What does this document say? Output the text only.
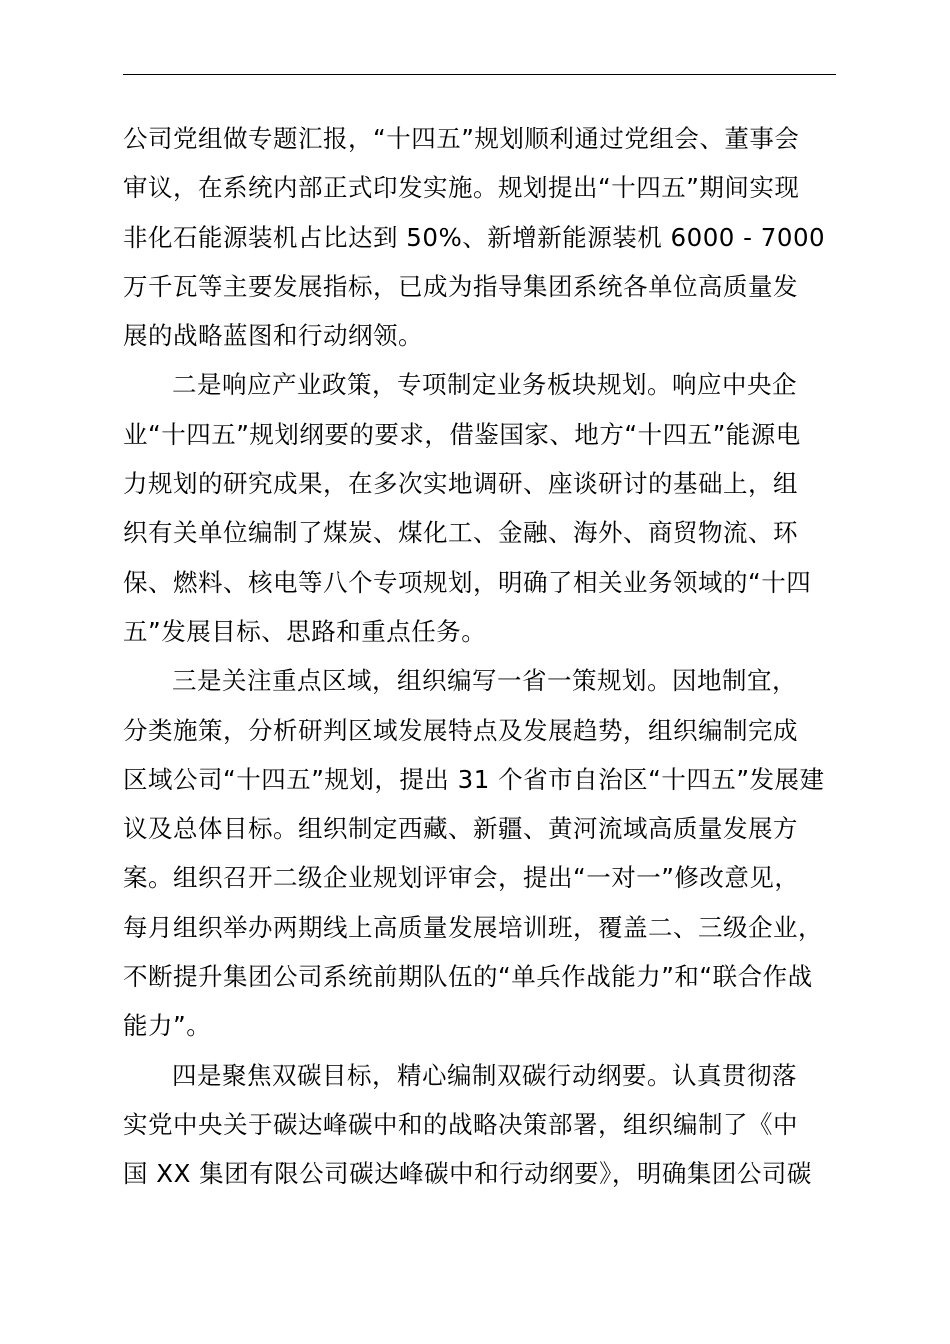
公司党组做专题汇报，“十四五”规划顺利通过党组会、董事会
审议，在系统内部正式印发实施。规划提出“十四五”期间实现
非化石能源装机占比达到 50%、新增新能源装机 6000 - 7000
万千瓦等主要发展指标，已成为指导集团系统各单位高质量发
展的战略蓝图和行动纲领。
二是响应产业政策，专项制定业务板块规划。响应中央企
业“十四五”规划纲要的要求，借鉴国家、地方“十四五”能源电
力规划的研究成果，在多次实地调研、座谈研讨的基础上，组
织有关单位编制了煤炭、煤化工、金融、海外、商贸物流、环
保、燃料、核电等八个专项规划，明确了相关业务领域的“十四
五”发展目标、思路和重点任务。
三是关注重点区域，组织编写一省一策规划。因地制宜，
分类施策，分析研判区域发展特点及发展趋势，组织编制完成
区域公司“十四五”规划，提出 31 个省市自治区“十四五”发展建
议及总体目标。组织制定西藏、新疆、黄河流域高质量发展方
案。组织召开二级企业规划评审会，提出“一对一”修改意见，
每月组织举办两期线上高质量发展培训班，覆盖二、三级企业，
不断提升集团公司系统前期队伍的“单兵作战能力”和“联合作战
能力”。
四是聚焦双碳目标，精心编制双碳行动纲要。认真贯彻落
实党中央关于碳达峰碳中和的战略决策部署，组织编制了《中
国 XX 集团有限公司碳达峰碳中和行动纲要》，明确集团公司碳
